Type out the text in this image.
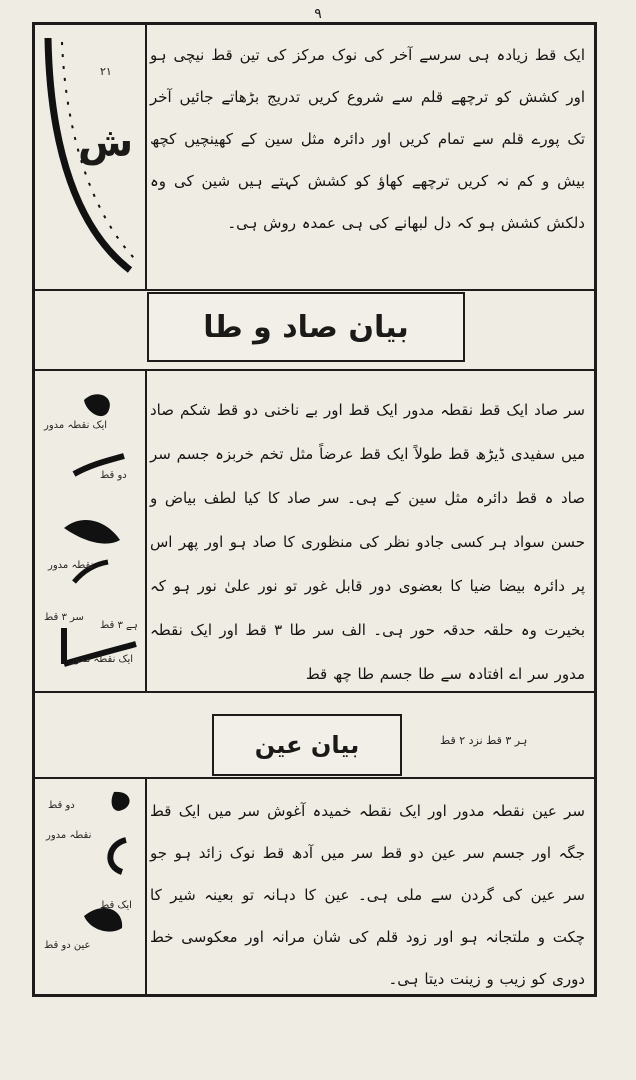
۹
۲۱
ش
ایک قط زیادہ ہی سرسے آخر کی نوک مرکز کی تین قط نیچی ہو اور کشش کو ترچھے قلم سے شروع کریں تدریج بڑھاتے جائیں آخر تک پورے قلم سے تمام کریں اور دائرہ مثل سین کے کھینچیں کچھ بیش و کم نہ کریں ترچھے کھاؤ کو کشش کہتے ہیں شین کی وہ دلکش کشش ہو کہ دل لبھانے کی ہی عمدہ روش ہی۔
بیان صاد و طا
ایک نقطہ مدور
دو قط
نقطہ مدور
سر ۳ قط
ہے ۳ قط
ایک نقطہ مدور
سر صاد ایک قط نقطہ مدور ایک قط اور بے ناخنی دو قط شکم صاد میں سفیدی ڈیڑھ قط طولاً ایک قط عرضاً مثل تخم خربزہ جسم سر صاد ہ قط دائرہ مثل سین کے ہی۔ سر صاد کا کیا لطف بیاض و حسن سواد ہر کسی جادو نظر کی منظوری کا صاد ہو اور پھر اس پر دائرہ بیضا ضیا کا بعضوی دور قابل غور تو نور علیٰ نور ہو کہ بخیرت وہ حلقہ حدقہ حور ہی۔ الف سر طا ۳ قط اور ایک نقطہ مدور سر اے افتادہ سے طا جسم طا چھ قط
بیان عین	ہر ۳ قط نزد ۲ قط
دو قط
نقطہ مدور
ایک قط
عین دو قط
سر عین نقطہ مدور اور ایک نقطہ خمیدہ آغوش سر میں ایک قط جگہ اور جسم سر عین دو قط سر میں آدھ قط نوک زائد ہو جو سر عین کی گردن سے ملی ہی۔ عین کا دہانہ تو بعینہ شیر کا چکت و ملتجانہ ہو اور زود قلم کی شان مرانہ اور معکوسی خط دوری کو زیب و زینت دیتا ہی۔
